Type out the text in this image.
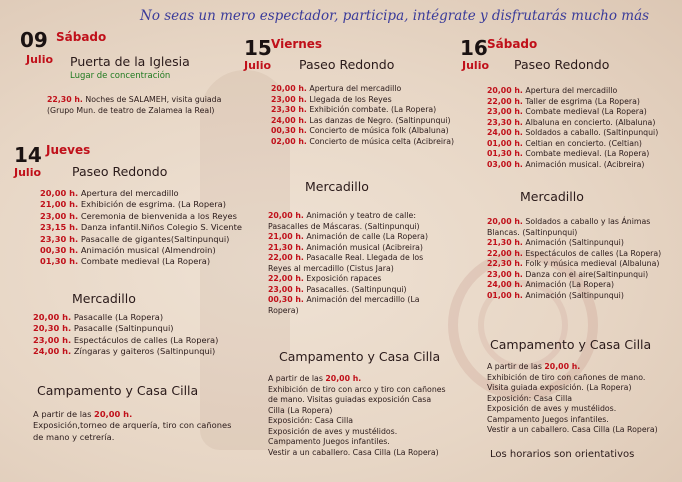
No seas un mero espectador, participa, intégrate y disfrutarás mucho más
09 Sábado
Julio Puerta de la Iglesia
Lugar de concentración
22,30 h. Noches de SALAMEH, visita guiada
(Grupo Mun. de teatro de Zalamea la Real)
14 Jueves
Julio Paseo Redondo
20,00 h. Apertura del mercadillo
21,00 h. Exhibición de esgrima. (La Ropera)
23,00 h. Ceremonia de bienvenida a los Reyes
23,15 h. Danza infantil.Niños Colegio S. Vicente
23,30 h. Pasacalle de gigantes(Saltinpunqui)
00,30 h. Animación musical (Almendroin)
01,30 h. Combate medieval (La Ropera)
Mercadillo
20,00 h. Pasacalle (La Ropera)
20,30 h. Pasacalle (Saltinpunqui)
23,00 h. Espectáculos de calles (La Ropera)
24,00 h. Zíngaras y gaiteros (Saltinpunqui)
Campamento y Casa Cilla
A partir de las 20,00 h.
Exposición,torneo de arquería, tiro con cañones de mano y cetrería.
15 Viernes
Julio Paseo Redondo
20,00 h. Apertura del mercadillo
23,00 h. Llegada de los Reyes
23,30 h. Exhibición combate. (La Ropera)
24,00 h. Las danzas de Negro. (Saltinpunqui)
00,30 h. Concierto de música folk (Albaluna)
02,00 h. Concierto de música celta (Acibreira)
Mercadillo
20,00 h. Animación y teatro de calle: Pasacalles de Máscaras. (Saltinpunqui)
21,00 h. Animación de calle (La Ropera)
21,30 h. Animación musical (Acibreira)
22,00 h. Pasacalle Real. Llegada de los Reyes al mercadillo (Cistus Jara)
22,00 h. Exposición rapaces
23,00 h. Pasacalles. (Saltinpunqui)
00,30 h. Animación del mercadillo (La Ropera)
Campamento y Casa Cilla
A partir de las 20,00 h.
Exhibición de tiro con arco y tiro con cañones de mano. Visitas guiadas exposición Casa Cilla (La Ropera)
Exposición: Casa Cilla
Exposición de aves y mustélidos. Campamento Juegos infantiles.
Vestir a un caballero. Casa Cilla (La Ropera)
16 Sábado
Julio Paseo Redondo
20,00 h. Apertura del mercadillo
22,00 h. Taller de esgrima (La Ropera)
23,00 h. Combate medieval (La Ropera)
23,30 h. Albaluna en concierto. (Albaluna)
24,00 h. Soldados a caballo. (Saltinpunqui)
01,00 h. Celtian en concierto. (Celtian)
01,30 h. Combate medieval. (La Ropera)
03,00 h. Animación musical. (Acibreira)
Mercadillo
20,00 h. Soldados a caballo y las Ánimas Blancas. (Saltinpunqui)
21,30 h. Animación (Saltinpunqui)
22,00 h. Espectáculos de calles (La Ropera)
22,30 h. Folk y música medieval (Albaluna)
23,00 h. Danza con el aire(Saltinpunqui)
24,00 h. Animación (La Ropera)
01,00 h. Animación (Saltinpunqui)
Campamento y Casa Cilla
A partir de las 20,00 h.
Exhibición de tiro con cañones de mano. Visita guiada exposición. (La Ropera)
Exposición: Casa Cilla
Exposición de aves y mustélidos. Campamento Juegos infantiles.
Vestir a un caballero. Casa Cilla (La Ropera)
Los horarios son orientativos
